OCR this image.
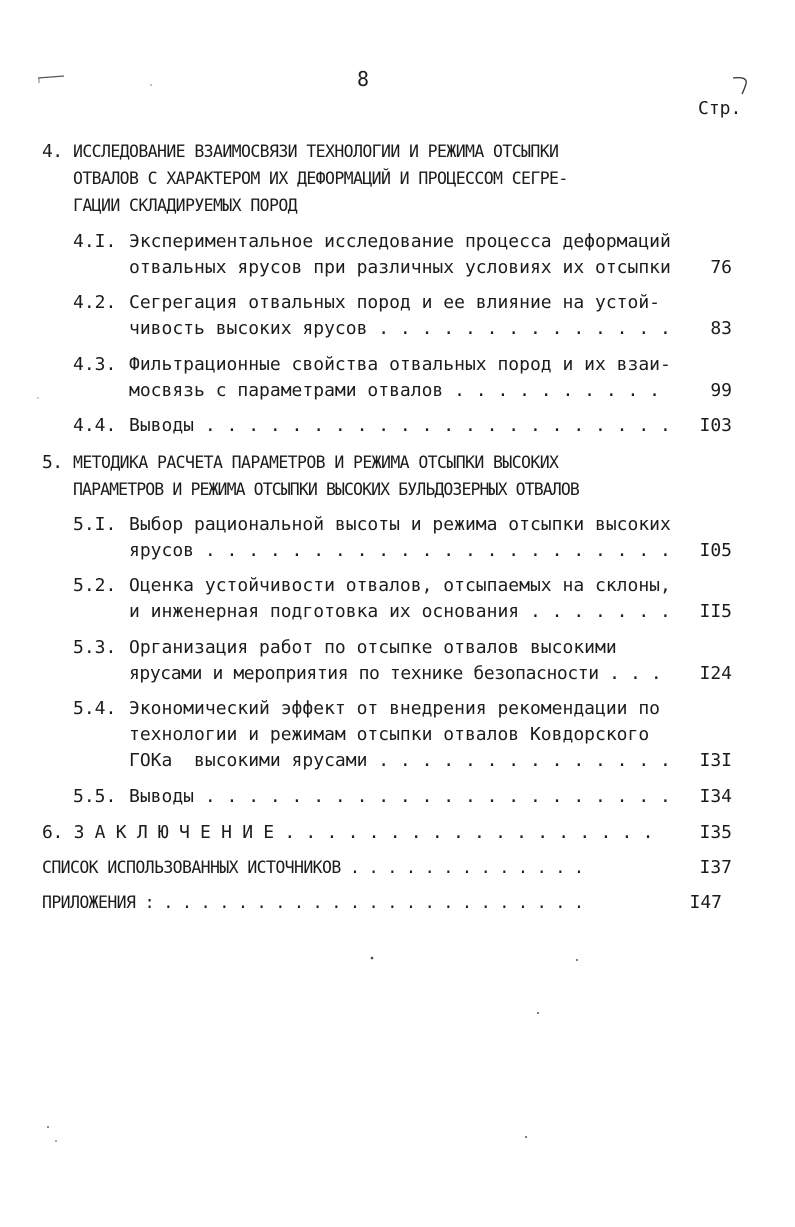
8
Стр.
4. ИССЛЕДОВАНИЕ ВЗАИМОСВЯЗИ ТЕХНОЛОГИИ И РЕЖИМА ОТСЫПКИ
ОТВАЛОВ С ХАРАКТЕРОМ ИХ ДЕФОРМАЦИЙ И ПРОЦЕССОМ СЕГРЕ-
ГАЦИИ СКЛАДИРУЕМЫХ ПОРОД
4.I. Экспериментальное исследование процесса деформаций
отвальных ярусов при различных условиях их отсыпки	76
4.2. Сегрегация отвальных пород и ее влияние на устой-
чивость высоких ярусов . . . . . . . . . . . . . .	83
4.3. Фильтрационные свойства отвальных пород и их взаи-
мосвязь с параметрами отвалов . . . . . . . . . .	99
4.4. Выводы . . . . . . . . . . . . . . . . . . . . . .	I03
5. МЕТОДИКА РАСЧЕТА ПАРАМЕТРОВ И РЕЖИМА ОТСЫПКИ ВЫСОКИХ
ПАРАМЕТРОВ И РЕЖИМА ОТСЫПКИ ВЫСОКИХ БУЛЬДОЗЕРНЫХ ОТВАЛОВ
5.I. Выбор рациональной высоты и режима отсыпки высоких
ярусов . . . . . . . . . . . . . . . . . . . . . .	I05
5.2. Оценка устойчивости отвалов, отсыпаемых на склоны,
и инженерная подготовка их основания . . . . . . .	II5
5.3. Организация работ по отсыпке отвалов высокими
ярусами и мероприятия по технике безопасности . . .	I24
5.4. Экономический эффект от внедрения рекомендации по
технологии и режимам отсыпки отвалов Ковдорского
ГОКа  высокими ярусами . . . . . . . . . . . . . .	I3I
5.5. Выводы . . . . . . . . . . . . . . . . . . . . . .	I34
6. З А К Л Ю Ч Е Н И Е . . . . . . . . . . . . . . . . . .	I35
СПИСОК ИСПОЛЬЗОВАННЫХ ИСТОЧНИКОВ . . . . . . . . . . . . .	I37
ПРИЛОЖЕНИЯ : . . . . . . . . . . . . . . . . . . . . . . .	I47
